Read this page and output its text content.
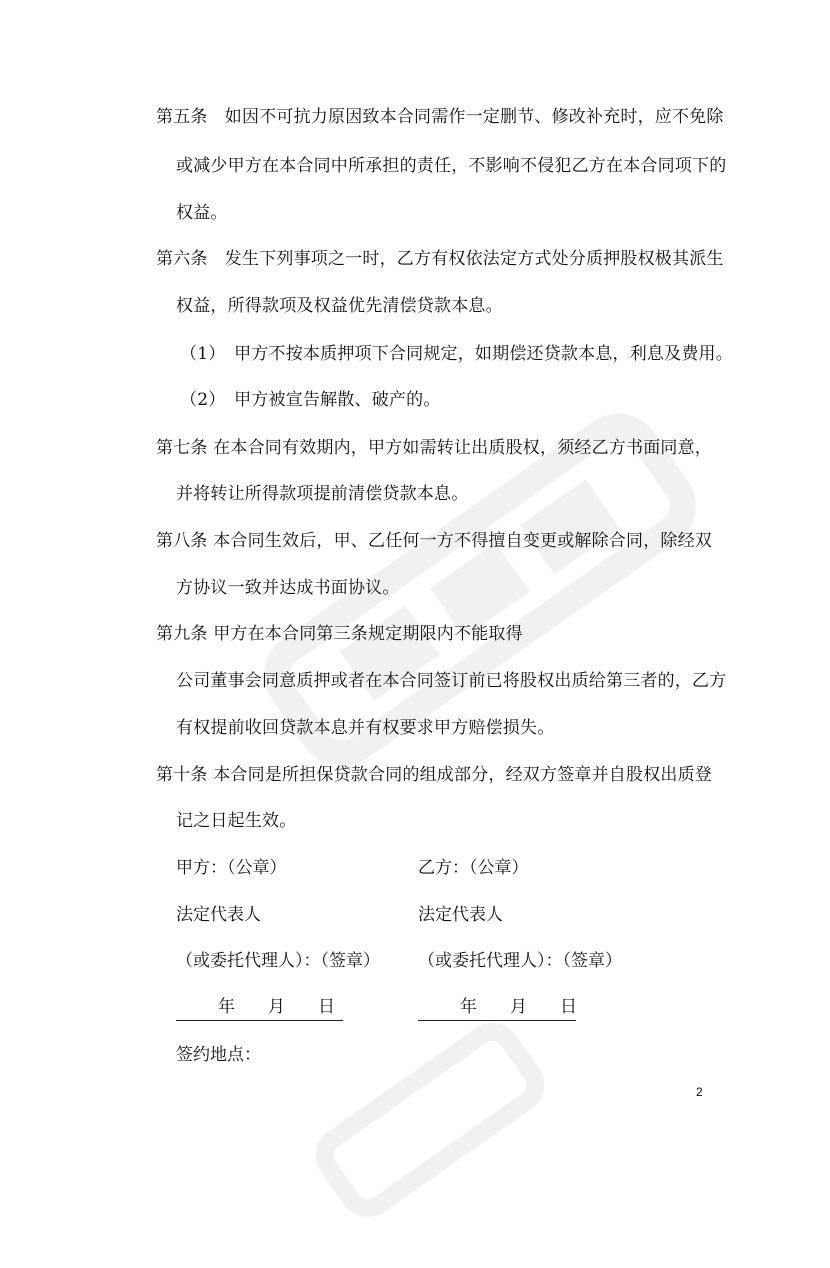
第五条　如因不可抗力原因致本合同需作一定删节、修改补充时，应不免除
或减少甲方在本合同中所承担的责任，不影响不侵犯乙方在本合同项下的
权益。
第六条　发生下列事项之一时，乙方有权依法定方式处分质押股权极其派生
权益，所得款项及权益优先清偿贷款本息。
（1）　甲方不按本质押项下合同规定，如期偿还贷款本息，利息及费用。
（2）　甲方被宣告解散、破产的。
第七条 在本合同有效期内，甲方如需转让出质股权，须经乙方书面同意，
并将转让所得款项提前清偿贷款本息。
第八条 本合同生效后，甲、乙任何一方不得擅自变更或解除合同，除经双
方协议一致并达成书面协议。
第九条 甲方在本合同第三条规定期限内不能取得
公司董事会同意质押或者在本合同签订前已将股权出质给第三者的，乙方
有权提前收回贷款本息并有权要求甲方赔偿损失。
第十条 本合同是所担保贷款合同的组成部分，经双方签章并自股权出质登
记之日起生效。
甲方：（公章）	乙方：（公章）
法定代表人	法定代表人
（或委托代理人）：（签章） （或委托代理人）：（签章）
年 月 日	年 月 日
签约地点：
2
